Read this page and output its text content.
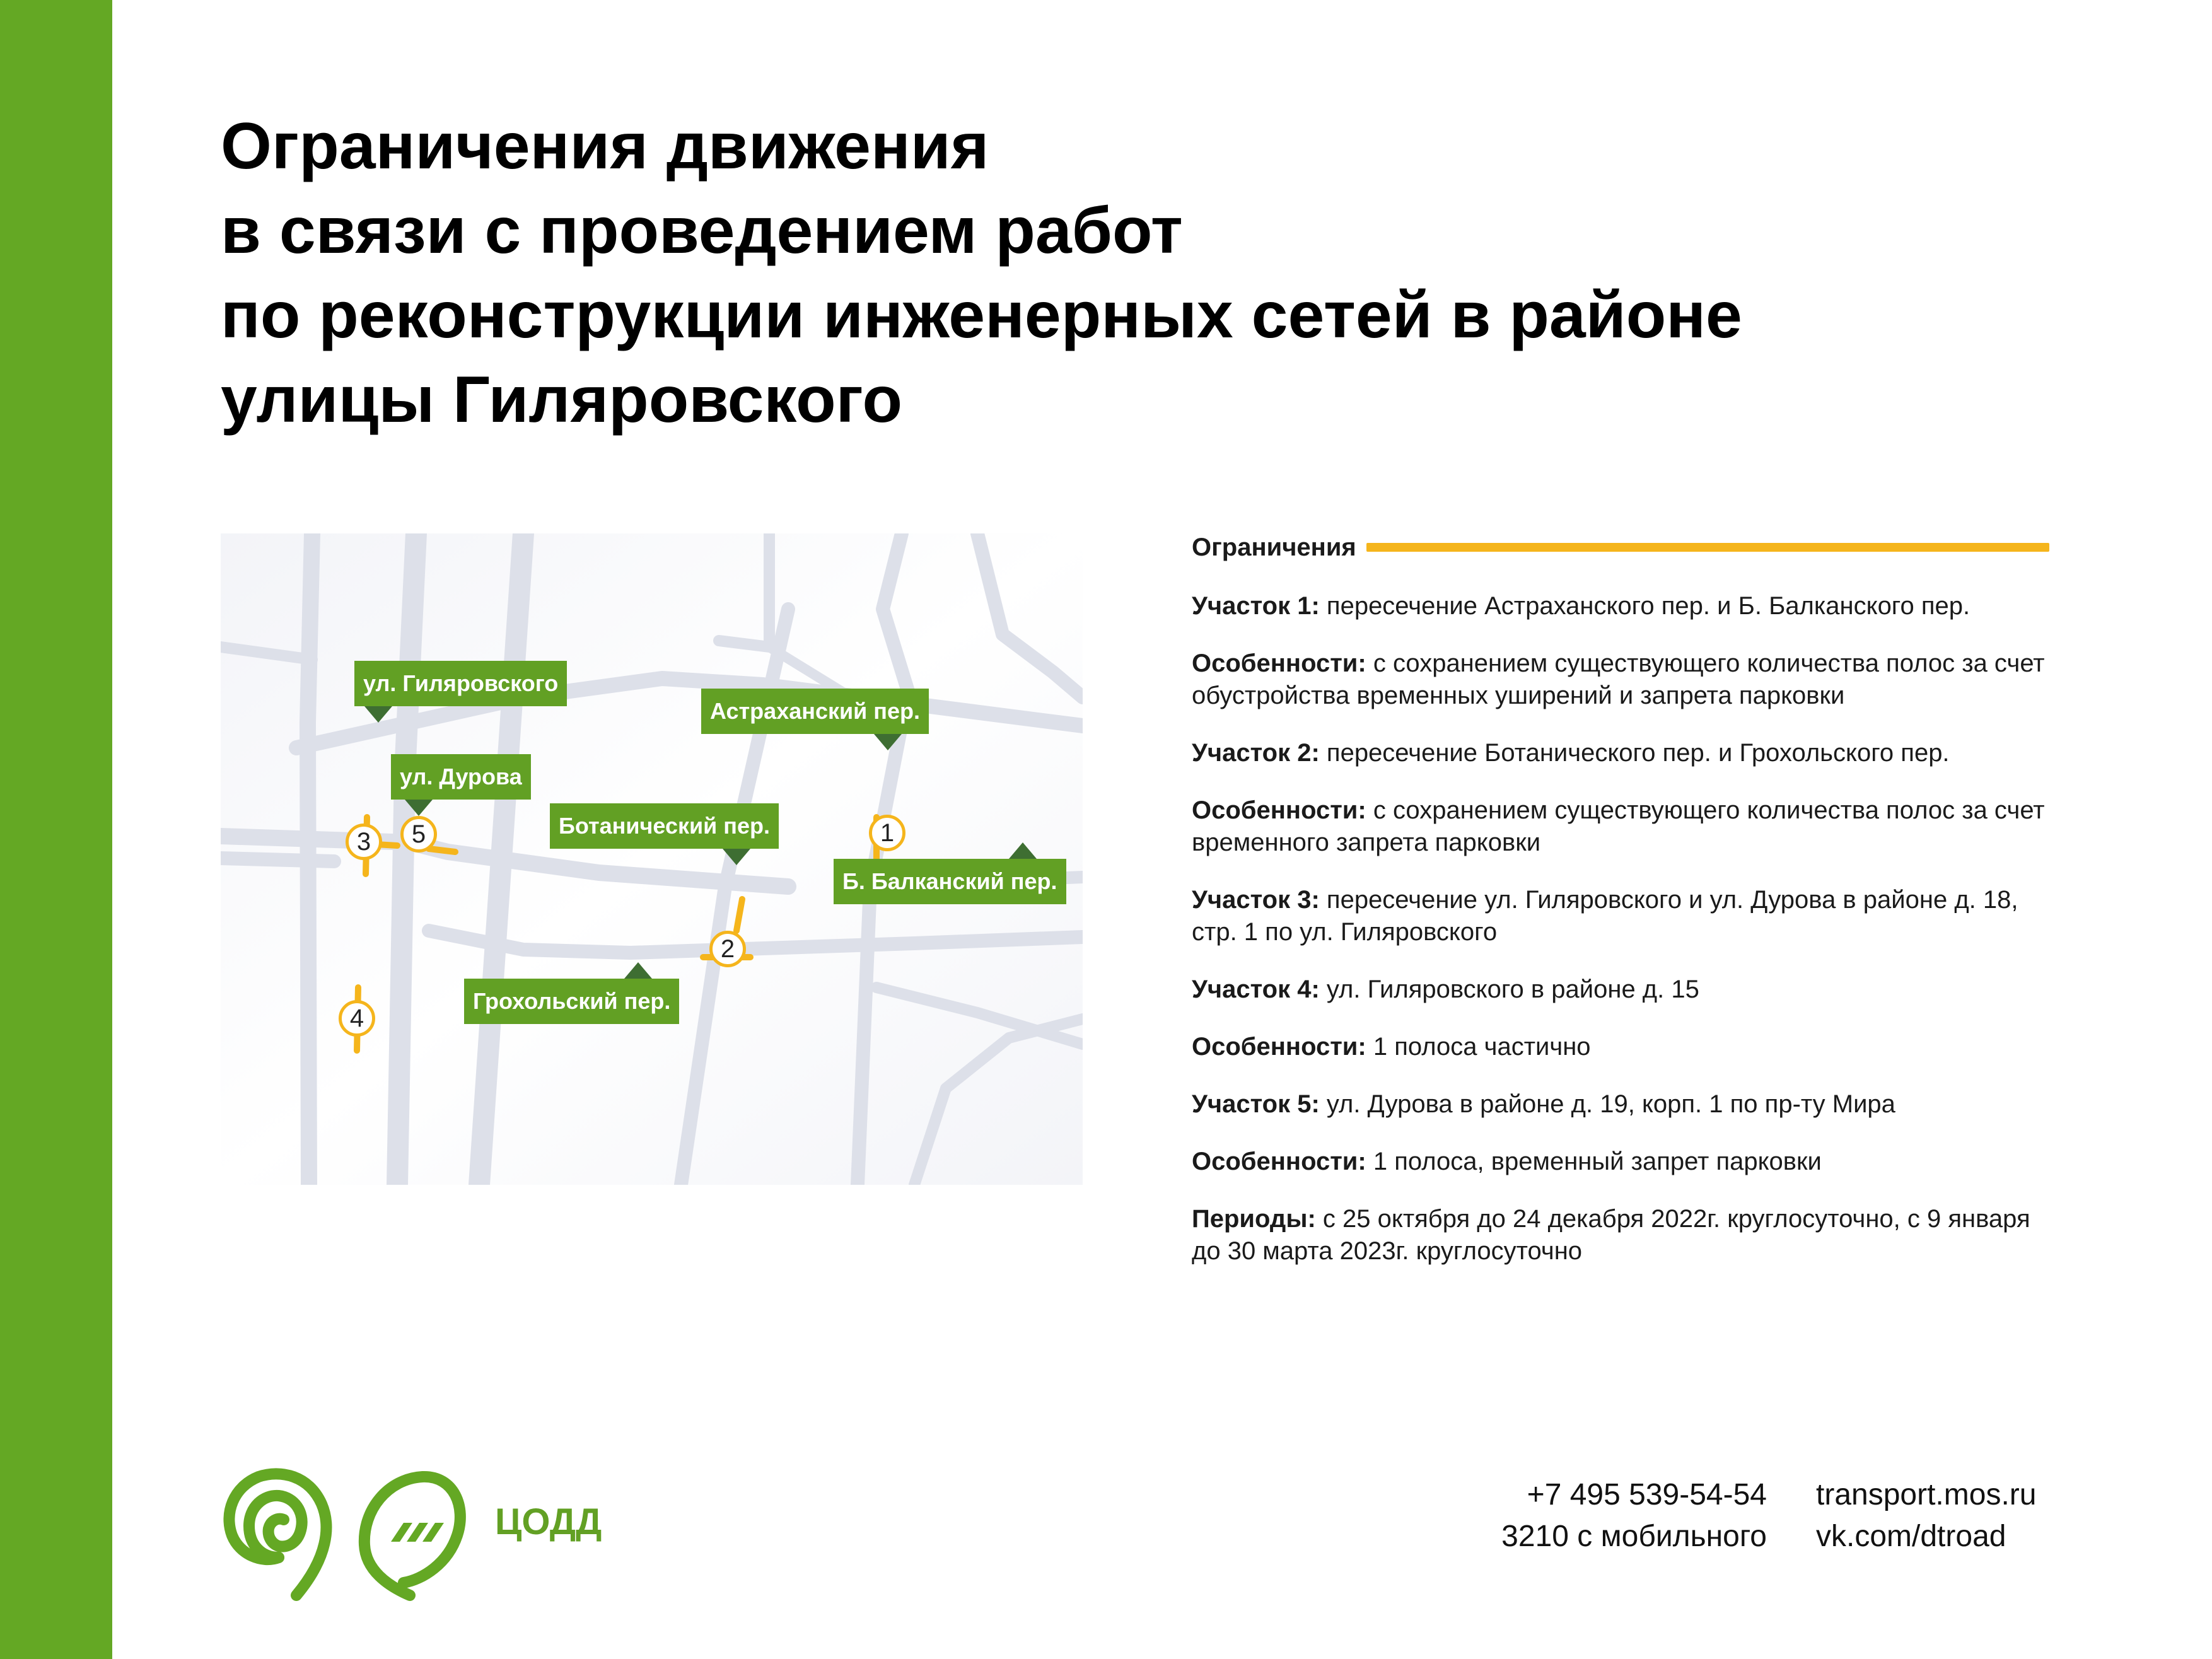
Ограничения движения
в связи с проведением работ
по реконструкции инженерных сетей в районе
улицы Гиляровского
ул. Гиляровского
ул. Дурова
Астраханский пер.
Ботанический пер.
Б. Балканский пер.
Грохольский пер.
1
2
3
4
5
Ограничения
Участок 1: пересечение Астраханского пер. и Б. Балканского пер.
Особенности: с сохранением существующего количества полос за счет обустройства временных уширений и запрета парковки
Участок 2: пересечение Ботанического пер. и Грохольского пер.
Особенности: с сохранением существующего количества полос за счет временного запрета парковки
Участок 3: пересечение ул. Гиляровского и ул. Дурова в районе д. 18, стр. 1 по ул. Гиляровского
Участок 4: ул. Гиляровского в районе д. 15
Особенности: 1 полоса частично
Участок 5: ул. Дурова в районе д. 19, корп. 1 по пр-ту Мира
Особенности: 1 полоса, временный запрет парковки
Периоды: с 25 октября до 24 декабря 2022г. круглосуточно, с 9 января до 30 марта 2023г. круглосуточно
ЦОДД
+7 495 539-54-54
3210 с мобильного
transport.mos.ru
vk.com/dtroad
